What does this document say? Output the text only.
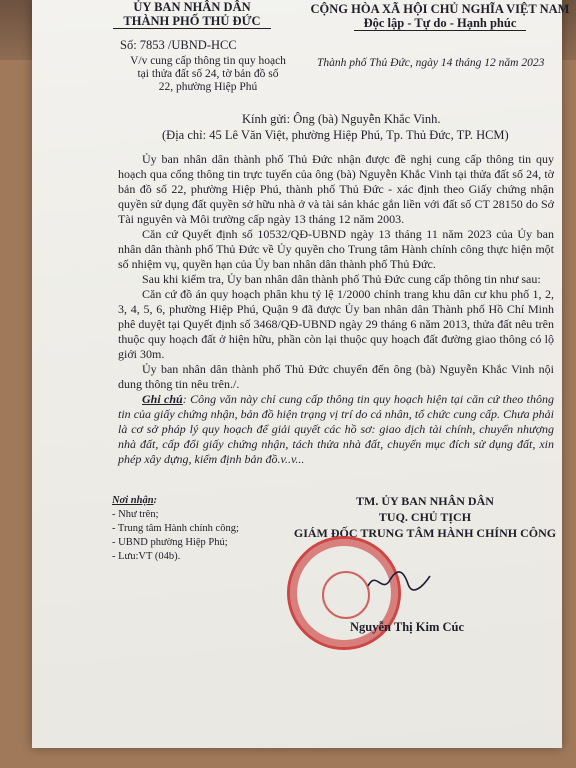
ỦY BAN NHÂN DÂN
THÀNH PHỐ THỦ ĐỨC
CỘNG HÒA XÃ HỘI CHỦ NGHĨA VIỆT NAM
Độc lập - Tự do - Hạnh phúc
Số: 7853 /UBND-HCC
V/v cung cấp thông tin quy hoạch
tại thửa đất số 24, tờ bản đồ số
22, phường Hiệp Phú
Thành phố Thủ Đức, ngày 14 tháng 12 năm 2023
Kính gửi: Ông (bà) Nguyễn Khắc Vinh.
(Địa chỉ: 45 Lê Văn Việt, phường Hiệp Phú, Tp. Thủ Đức, TP. HCM)

Ủy ban nhân dân thành phố Thủ Đức nhận được đề nghị cung cấp thông tin quy hoạch qua cổng thông tin trực tuyến của ông (bà) Nguyễn Khắc Vinh tại thửa đất số 24, tờ bản đồ số 22, phường Hiệp Phú, thành phố Thủ Đức - xác định theo Giấy chứng nhận quyền sử dụng đất quyền sở hữu nhà ở và tài sản khác gắn liền với đất số CT 28150 do Sở Tài nguyên và Môi trường cấp ngày 13 tháng 12 năm 2003.

Căn cứ Quyết định số 10532/QĐ-UBND ngày 13 tháng 11 năm 2023 của Ủy ban nhân dân thành phố Thủ Đức về Ủy quyền cho Trung tâm Hành chính công thực hiện một số nhiệm vụ, quyền hạn của Ủy ban nhân dân thành phố Thủ Đức.

Sau khi kiểm tra, Ủy ban nhân dân thành phố Thủ Đức cung cấp thông tin như sau:

Căn cứ đồ án quy hoạch phân khu tỷ lệ 1/2000 chỉnh trang khu dân cư khu phố 1, 2, 3, 4, 5, 6, phường Hiệp Phú, Quận 9 đã được Ủy ban nhân dân Thành phố Hồ Chí Minh phê duyệt tại Quyết định số 3468/QĐ-UBND ngày 29 tháng 6 năm 2013, thửa đất nêu trên thuộc quy hoạch đất ở hiện hữu, phần còn lại thuộc quy hoạch đất đường giao thông có lộ giới 30m.

Ủy ban nhân dân thành phố Thủ Đức chuyển đến ông (bà) Nguyễn Khắc Vinh nội dung thông tin nêu trên./.

Ghi chú: Công văn này chỉ cung cấp thông tin quy hoạch hiện tại căn cứ theo thông tin của giấy chứng nhận, bản đồ hiện trạng vị trí do cá nhân, tổ chức cung cấp. Chưa phải là cơ sở pháp lý quy hoạch để giải quyết các hồ sơ: giao dịch tài chính, chuyển nhượng nhà đất, cấp đổi giấy chứng nhận, tách thửa nhà đất, chuyển mục đích sử dụng đất, xin phép xây dựng, kiểm định bản đồ.v..v...

Nơi nhận:
- Như trên;
- Trung tâm Hành chính công;
- UBND phường Hiệp Phú;
- Lưu:VT (04b).
TM. ỦY BAN NHÂN DÂN
TUQ. CHỦ TỊCH
GIÁM ĐỐC TRUNG TÂM HÀNH CHÍNH CÔNG
Nguyễn Thị Kim Cúc
